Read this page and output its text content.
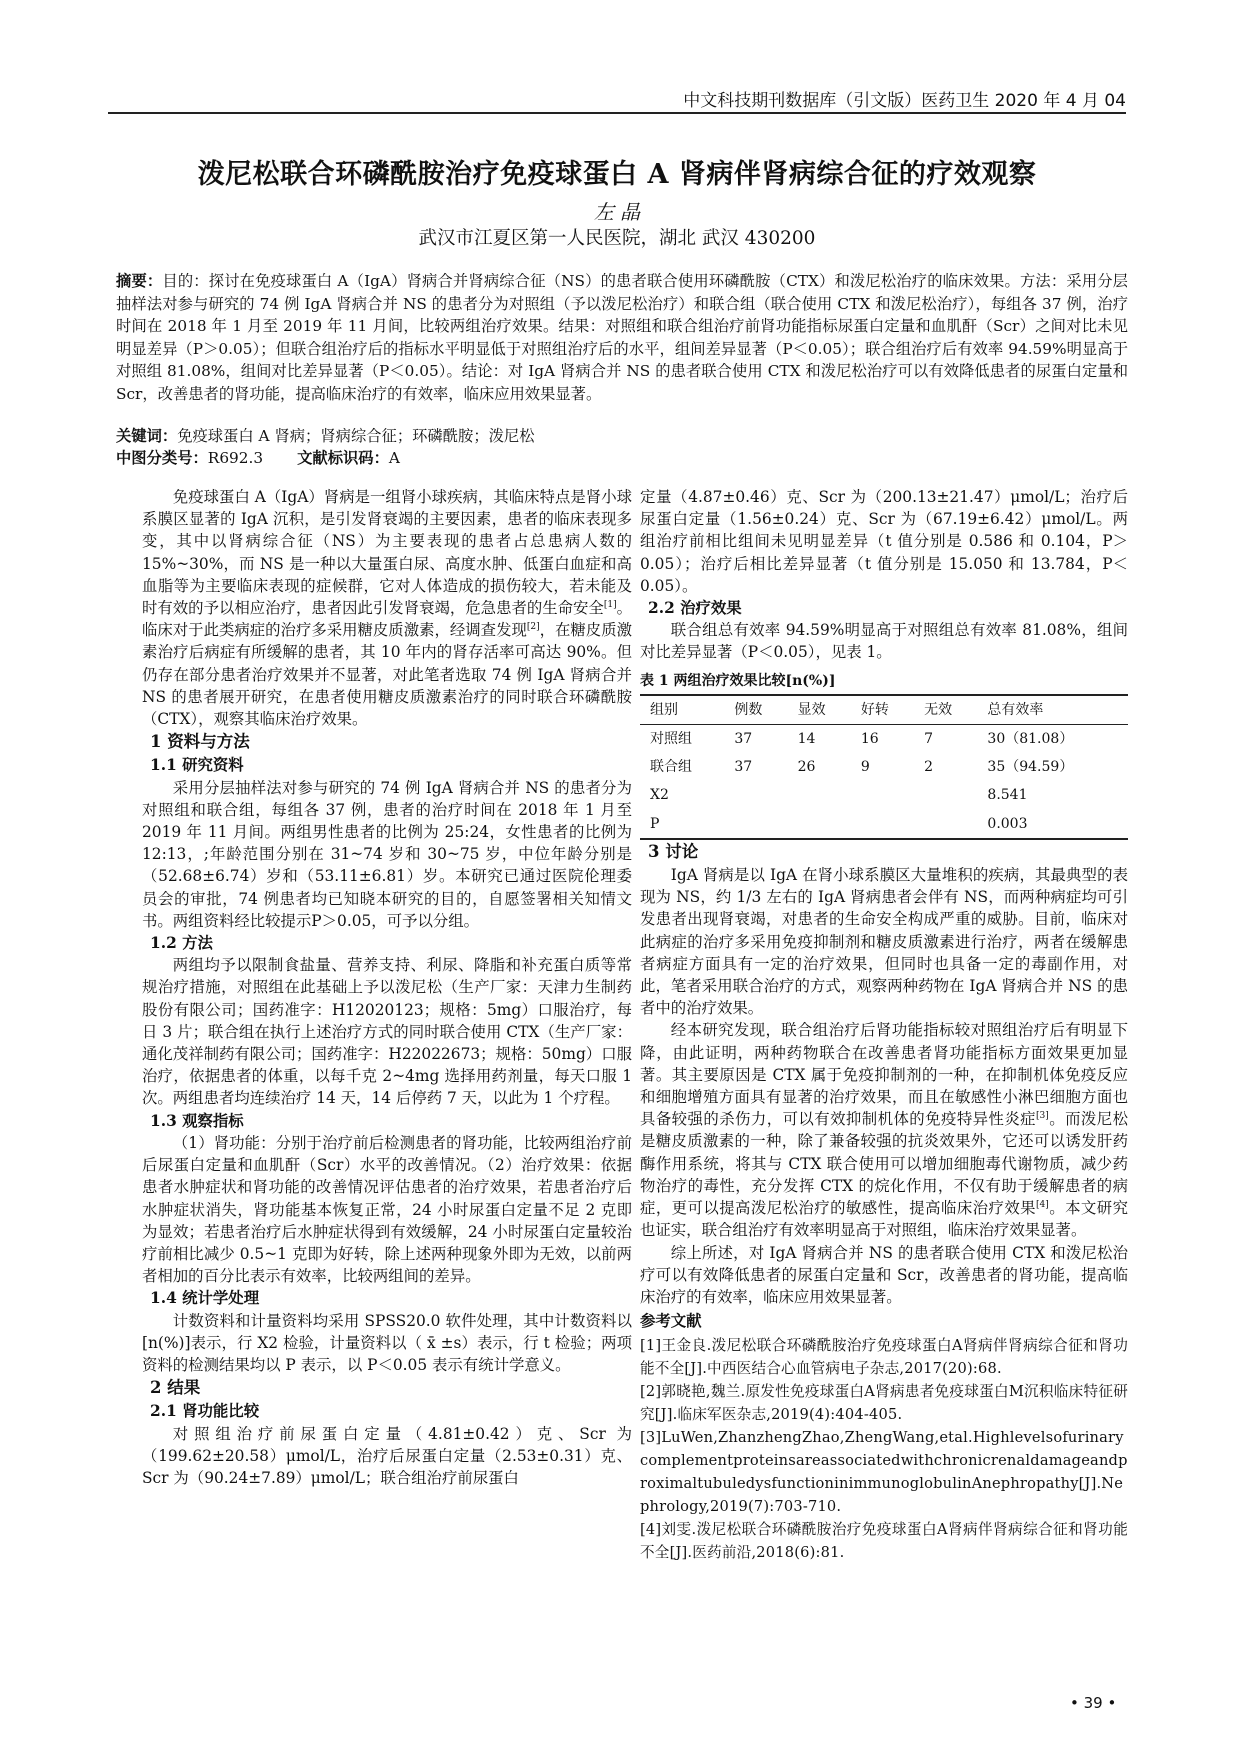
中文科技期刊数据库（引文版）医药卫生 2020 年 4 月 04
泼尼松联合环磷酰胺治疗免疫球蛋白 A 肾病伴肾病综合征的疗效观察
左 晶
武汉市江夏区第一人民医院，湖北 武汉 430200

摘要：目的：探讨在免疫球蛋白 A（IgA）肾病合并肾病综合征（NS）的患者联合使用环磷酰胺（CTX）和泼尼松治疗的临床效果。方法：采用分层抽样法对参与研究的 74 例 IgA 肾病合并 NS 的患者分为对照组（予以泼尼松治疗）和联合组（联合使用 CTX 和泼尼松治疗），每组各 37 例，治疗时间在 2018 年 1 月至 2019 年 11 月间，比较两组治疗效果。结果：对照组和联合组治疗前肾功能指标尿蛋白定量和血肌酐（Scr）之间对比未见明显差异（P＞0.05）；但联合组治疗后的指标水平明显低于对照组治疗后的水平，组间差异显著（P＜0.05）；联合组治疗后有效率 94.59%明显高于对照组 81.08%，组间对比差异显著（P＜0.05）。结论：对 IgA 肾病合并 NS 的患者联合使用 CTX 和泼尼松治疗可以有效降低患者的尿蛋白定量和 Scr，改善患者的肾功能，提高临床治疗的有效率，临床应用效果显著。

关键词：免疫球蛋白 A 肾病；肾病综合征；环磷酰胺；泼尼松

中图分类号：R692.3 文献标识码：A

免疫球蛋白 A（IgA）肾病是一组肾小球疾病，其临床特点是肾小球系膜区显著的 IgA 沉积，是引发肾衰竭的主要因素，患者的临床表现多变，其中以肾病综合征（NS）为主要表现的患者占总患病人数的 15%~30%，而 NS 是一种以大量蛋白尿、高度水肿、低蛋白血症和高血脂等为主要临床表现的症候群，它对人体造成的损伤较大，若未能及时有效的予以相应治疗，患者因此引发肾衰竭，危急患者的生命安全[1]。临床对于此类病症的治疗多采用糖皮质激素，经调查发现[2]，在糖皮质激素治疗后病症有所缓解的患者，其 10 年内的肾存活率可高达 90%。但仍存在部分患者治疗效果并不显著，对此笔者选取 74 例 IgA 肾病合并 NS 的患者展开研究，在患者使用糖皮质激素治疗的同时联合环磷酰胺（CTX），观察其临床治疗效果。

1 资料与方法

1.1 研究资料

采用分层抽样法对参与研究的 74 例 IgA 肾病合并 NS 的患者分为对照组和联合组，每组各 37 例，患者的治疗时间在 2018 年 1 月至 2019 年 11 月间。两组男性患者的比例为 25:24，女性患者的比例为 12:13，;年龄范围分别在 31~74 岁和 30~75 岁，中位年龄分别是（52.68±6.74）岁和（53.11±6.81）岁。本研究已通过医院伦理委员会的审批，74 例患者均已知晓本研究的目的，自愿签署相关知情文书。两组资料经比较提示P＞0.05，可予以分组。

1.2 方法

两组均予以限制食盐量、营养支持、利尿、降脂和补充蛋白质等常规治疗措施，对照组在此基础上予以泼尼松（生产厂家：天津力生制药股份有限公司；国药准字：H12020123；规格：5mg）口服治疗，每日 3 片；联合组在执行上述治疗方式的同时联合使用 CTX（生产厂家：通化茂祥制药有限公司；国药准字：H22022673；规格：50mg）口服治疗，依据患者的体重，以每千克 2~4mg 选择用药剂量，每天口服 1 次。两组患者均连续治疗 14 天，14 后停药 7 天，以此为 1 个疗程。

1.3 观察指标

（1）肾功能：分别于治疗前后检测患者的肾功能，比较两组治疗前后尿蛋白定量和血肌酐（Scr）水平的改善情况。（2）治疗效果：依据患者水肿症状和肾功能的改善情况评估患者的治疗效果，若患者治疗后水肿症状消失，肾功能基本恢复正常，24 小时尿蛋白定量不足 2 克即为显效；若患者治疗后水肿症状得到有效缓解，24 小时尿蛋白定量较治疗前相比减少 0.5~1 克即为好转，除上述两种现象外即为无效，以前两者相加的百分比表示有效率，比较两组间的差异。

1.4 统计学处理

计数资料和计量资料均采用 SPSS20.0 软件处理，其中计数资料以[n(%)]表示，行 X2 检验，计量资料以（ x̄ ±s）表示，行 t 检验；两项资料的检测结果均以 P 表示，以 P＜0.05 表示有统计学意义。

2 结果

2.1 肾功能比较

对照组治疗前尿蛋白定量（4.81±0.42）克、Scr 为（199.62±20.58）μmol/L，治疗后尿蛋白定量（2.53±0.31）克、Scr 为（90.24±7.89）μmol/L；联合组治疗前尿蛋白

定量（4.87±0.46）克、Scr 为（200.13±21.47）μmol/L；治疗后尿蛋白定量（1.56±0.24）克、Scr 为（67.19±6.42）μmol/L。两组治疗前相比组间未见明显差异（t 值分别是 0.586 和 0.104，P＞0.05）；治疗后相比差异显著（t 值分别是 15.050 和 13.784，P＜0.05）。

2.2 治疗效果

联合组总有效率 94.59%明显高于对照组总有效率 81.08%，组间对比差异显著（P＜0.05），见表 1。

表 1 两组治疗效果比较[n(%)]

组别	例数	显效	好转	无效	总有效率
对照组	37	14	16	7	30（81.08）
联合组	37	26	9	2	35（94.59）
X2					8.541
P					0.003

3 讨论

IgA 肾病是以 IgA 在肾小球系膜区大量堆积的疾病，其最典型的表现为 NS，约 1/3 左右的 IgA 肾病患者会伴有 NS，而两种病症均可引发患者出现肾衰竭，对患者的生命安全构成严重的威胁。目前，临床对此病症的治疗多采用免疫抑制剂和糖皮质激素进行治疗，两者在缓解患者病症方面具有一定的治疗效果，但同时也具备一定的毒副作用，对此，笔者采用联合治疗的方式，观察两种药物在 IgA 肾病合并 NS 的患者中的治疗效果。

经本研究发现，联合组治疗后肾功能指标较对照组治疗后有明显下降，由此证明，两种药物联合在改善患者肾功能指标方面效果更加显著。其主要原因是 CTX 属于免疫抑制剂的一种，在抑制机体免疫反应和细胞增殖方面具有显著的治疗效果，而且在敏感性小淋巴细胞方面也具备较强的杀伤力，可以有效抑制机体的免疫特异性炎症[3]。而泼尼松是糖皮质激素的一种，除了兼备较强的抗炎效果外，它还可以诱发肝药酶作用系统，将其与 CTX 联合使用可以增加细胞毒代谢物质，减少药物治疗的毒性，充分发挥 CTX 的烷化作用，不仅有助于缓解患者的病症，更可以提高泼尼松治疗的敏感性，提高临床治疗效果[4]。本文研究也证实，联合组治疗有效率明显高于对照组，临床治疗效果显著。

综上所述，对 IgA 肾病合并 NS 的患者联合使用 CTX 和泼尼松治疗可以有效降低患者的尿蛋白定量和 Scr，改善患者的肾功能，提高临床治疗的有效率，临床应用效果显著。

参考文献

[1]王金良.泼尼松联合环磷酰胺治疗免疫球蛋白A肾病伴肾病综合征和肾功能不全[J].中西医结合心血管病电子杂志,2017(20):68.

[2]郭晓艳,魏兰.原发性免疫球蛋白A肾病患者免疫球蛋白M沉积临床特征研究[J].临床军医杂志,2019(4):404-405.

[3]LuWen,ZhanzhengZhao,ZhengWang,etal.HighlevelsofurinarycomplementproteinsareassociatedwithchronicrenaldamageandproximaltubuledysfunctioninimmunoglobulinAnephropathy[J].Nephrology,2019(7):703-710.

[4]刘雯.泼尼松联合环磷酰胺治疗免疫球蛋白A肾病伴肾病综合征和肾功能不全[J].医药前沿,2018(6):81.

• 39 •
